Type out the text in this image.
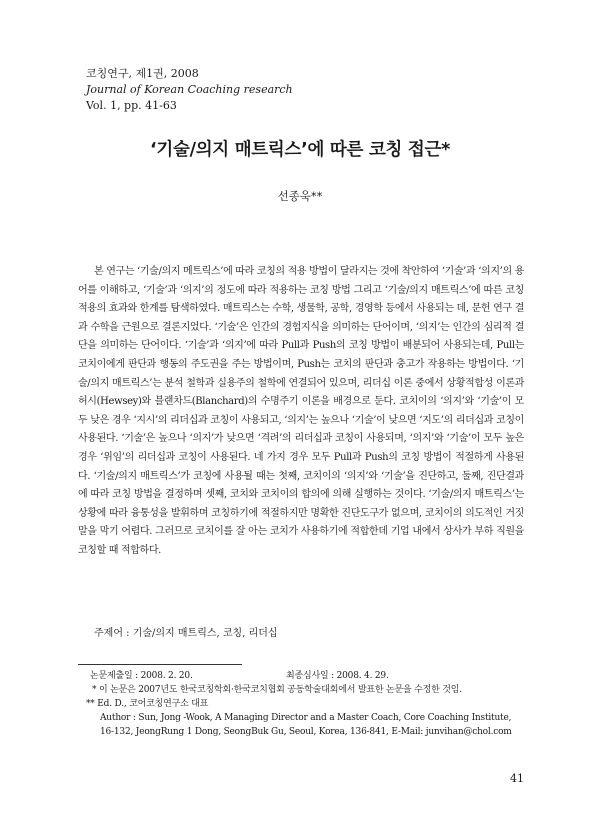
코칭연구, 제1권, 2008
Journal of Korean Coaching research
Vol. 1, pp. 41-63
‘기술/의지 매트릭스’에 따른 코칭 접근*
선종욱**

본 연구는 ‘기술/의지 메트릭스’에 따라 코칭의 적용 방법이 달라지는 것에 착안하여 ‘기술’과 ‘의지’의 용어를 이해하고, ‘기술’과 ‘의지’의 정도에 따라 적용하는 코칭 방법 그리고 ‘기술/의지 매트릭스’에 따른 코칭 적용의 효과와 한계를 탐색하였다. 매트릭스는 수학, 생물학, 공학, 경영학 등에서 사용되는 데, 문헌 연구 결과 수학을 근원으로 결론지었다. ‘기술’은 인간의 경험지식을 의미하는 단어이며, ‘의지’는 인간의 심리적 결단을 의미하는 단어이다. ‘기술’과 ‘의지’에 따라 Pull과 Push의 코칭 방법이 배분되어 사용되는데, Pull는 코치이에게 판단과 행동의 주도권을 주는 방법이며, Push는 코치의 판단과 충고가 작용하는 방법이다. ‘기술/의지 매트릭스’는 분석 철학과 실용주의 철학에 연결되어 있으며, 리더십 이론 중에서 상황적합성 이론과 허시(Hewsey)와 블랜차드(Blanchard)의 수명주기 이론을 배경으로 둔다. 코치이의 ‘의지’와 ‘기술’이 모두 낮은 경우 ‘지시’의 리더십과 코칭이 사용되고, ‘의지’는 높으나 ‘기술’이 낮으면 ‘지도’의 리더십과 코칭이 사용된다. ‘기술’은 높으나 ‘의지’가 낮으면 ‘격려’의 리더십과 코칭이 사용되며, ‘의지’와 ‘기술’이 모두 높은 경우 ‘위임’의 리더십과 코칭이 사용된다. 네 가지 경우 모두 Pull과 Push의 코칭 방법이 적절하게 사용된다. ‘기술/의지 매트릭스’가 코칭에 사용될 때는 첫째, 코치이의 ‘의지’와 ‘기술’을 진단하고, 둘째, 진단결과에 따라 코칭 방법을 결정하며 셋째, 코치와 코치이의 합의에 의해 실행하는 것이다. ‘기술/의지 매트릭스’는 상황에 따라 융통성을 발휘하며 코칭하기에 적절하지만 명확한 진단도구가 없으며, 코치이의 의도적인 거짓말을 막기 어렵다. 그러므로 코치이를 잘 아는 코치가 사용하기에 적합한데 기업 내에서 상사가 부하 직원을 코칭할 때 적합하다.

주제어 : 기술/의지 매트릭스, 코칭, 리더십
논문제출일 : 2008. 2. 20.	최종심사일 : 2008. 4. 29.
* 이 논문은 2007년도 한국코칭학회·한국코치협회 공동학술대회에서 발표한 논문을 수정한 것임.
** Ed. D., 코어코칭연구소 대표
Author : Sun, Jong -Wook, A Managing Director and a Master Coach, Core Coaching Institute,
16-132, JeongRung 1 Dong, SeongBuk Gu, Seoul, Korea, 136-841, E-Mail: junvihan@chol.com
41
